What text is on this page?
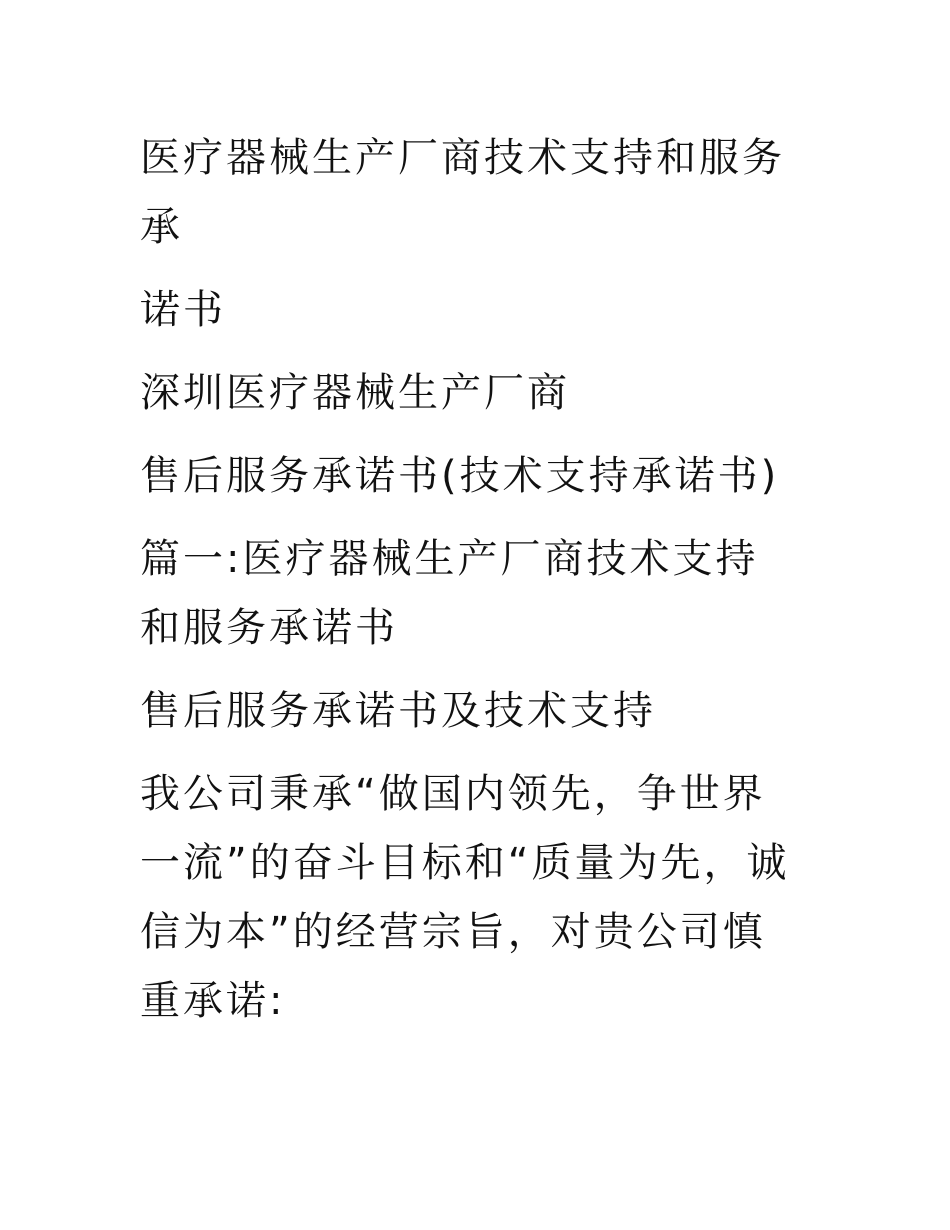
医疗器械生产厂商技术支持和服务承

诺书

深圳医疗器械生产厂商

售后服务承诺书(技术支持承诺书)

篇一:医疗器械生产厂商技术支持和服务承诺书

售后服务承诺书及技术支持

我公司秉承“做国内领先，争世界一流”的奋斗目标和“质量为先，诚信为本”的经营宗旨，对贵公司慎重承诺:
